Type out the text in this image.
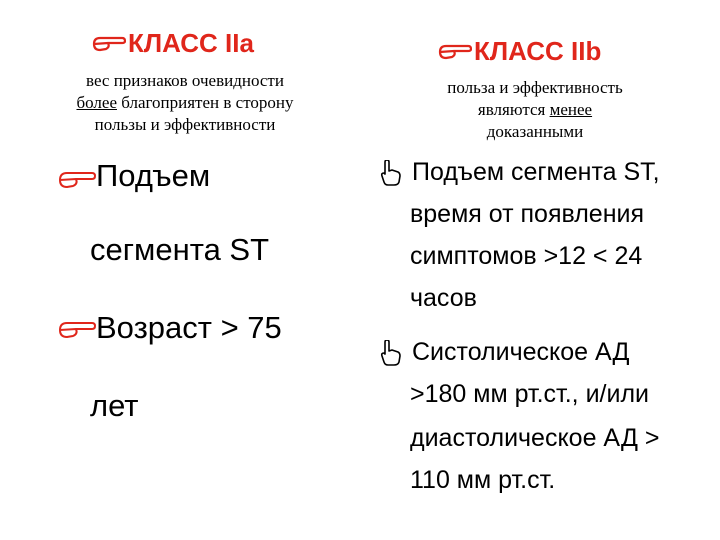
КЛАСС IIa
вес признаков очевидности
более благоприятен в сторону
пользы и эффективности
Подъем
сегмента ST
Возраст > 75
лет
КЛАСС IIb
польза и эффективность
являются менее
доказанными
Подъем сегмента ST,
время от появления
симптомов >12 < 24
часов
Систолическое АД
>180 мм рт.ст., и/или
диастолическое АД >
110 мм рт.ст.
